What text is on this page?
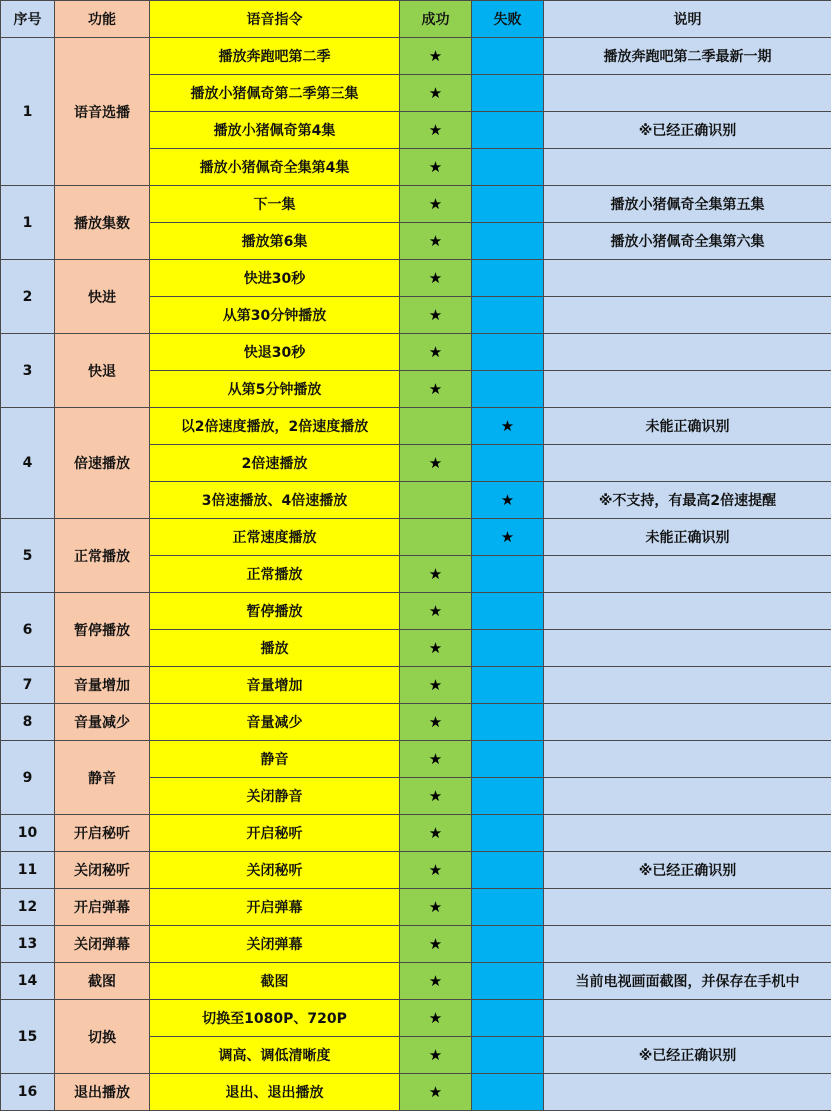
序号	功能	语音指令	成功	失败	说明
1	语音选播	播放奔跑吧第二季	★		播放奔跑吧第二季最新一期
		播放小猪佩奇第二季第三集	★		
		播放小猪佩奇第4集	★		※已经正确识别
		播放小猪佩奇全集第4集	★		
1	播放集数	下一集	★		播放小猪佩奇全集第五集
		播放第6集	★		播放小猪佩奇全集第六集
2	快进	快进30秒	★		
		从第30分钟播放	★		
3	快退	快退30秒	★		
		从第5分钟播放	★		
4	倍速播放	以2倍速度播放，2倍速度播放		★	未能正确识别
		2倍速播放	★		
		3倍速播放、4倍速播放		★	※不支持，有最高2倍速提醒
5	正常播放	正常速度播放		★	未能正确识别
		正常播放	★		
6	暂停播放	暂停播放	★		
		播放	★		
7	音量增加	音量增加	★		
8	音量减少	音量减少	★		
9	静音	静音	★		
		关闭静音	★		
10	开启秘听	开启秘听	★		
11	关闭秘听	关闭秘听	★		※已经正确识别
12	开启弹幕	开启弹幕	★		
13	关闭弹幕	关闭弹幕	★		
14	截图	截图	★		当前电视画面截图，并保存在手机中
15	切换	切换至1080P、720P	★		
		调高、调低清晰度	★		※已经正确识别
16	退出播放	退出、退出播放	★		
